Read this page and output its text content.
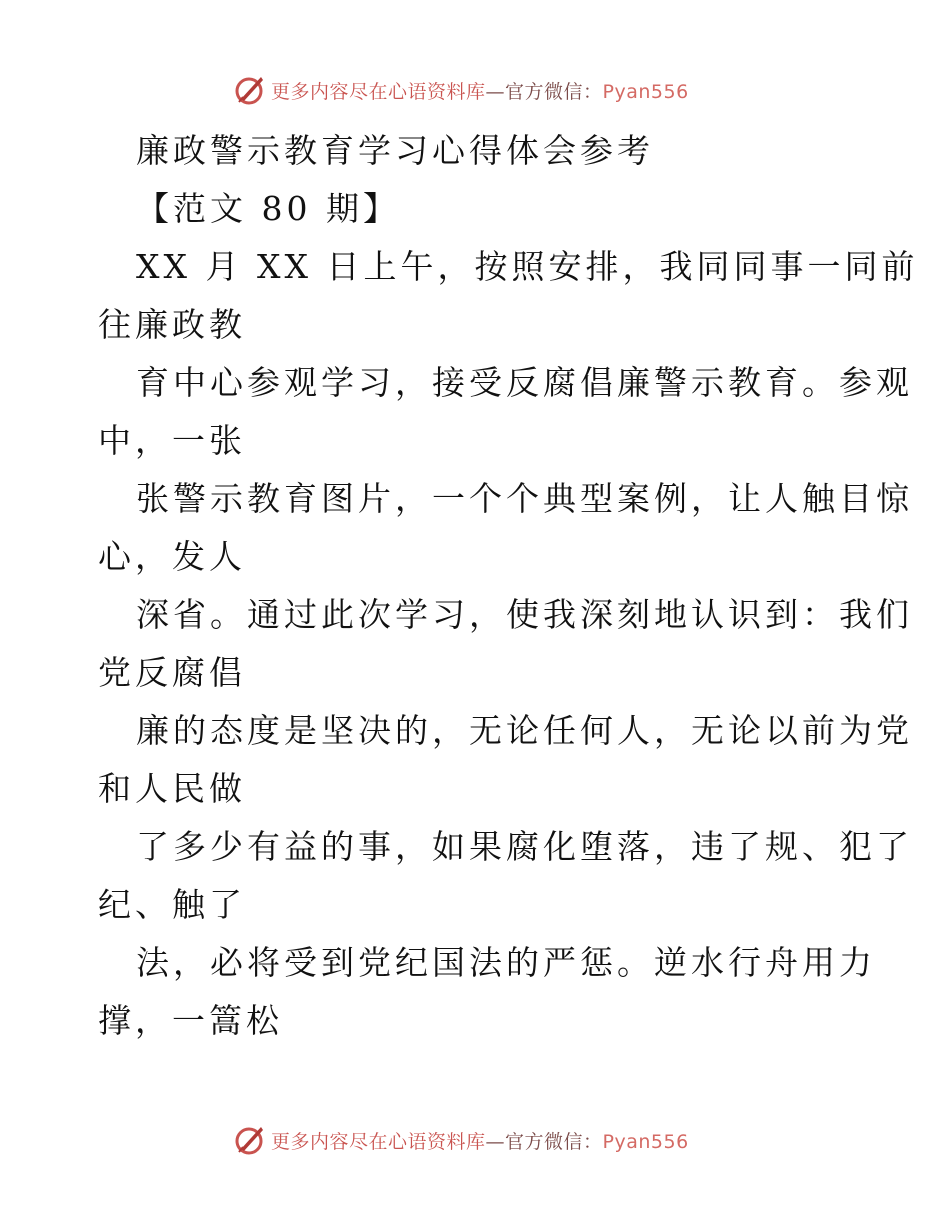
更多内容尽在心语资料库—官方微信：Pyan556
廉政警示教育学习心得体会参考
【范文 80 期】
XX 月 XX 日上午，按照安排，我同同事一同前
往廉政教
育中心参观学习，接受反腐倡廉警示教育。参观
中，一张
张警示教育图片，一个个典型案例，让人触目惊
心，发人
深省。通过此次学习，使我深刻地认识到：我们
党反腐倡
廉的态度是坚决的，无论任何人，无论以前为党
和人民做
了多少有益的事，如果腐化堕落，违了规、犯了
纪、触了
法，必将受到党纪国法的严惩。逆水行舟用力
撑，一篙松
更多内容尽在心语资料库—官方微信：Pyan556
